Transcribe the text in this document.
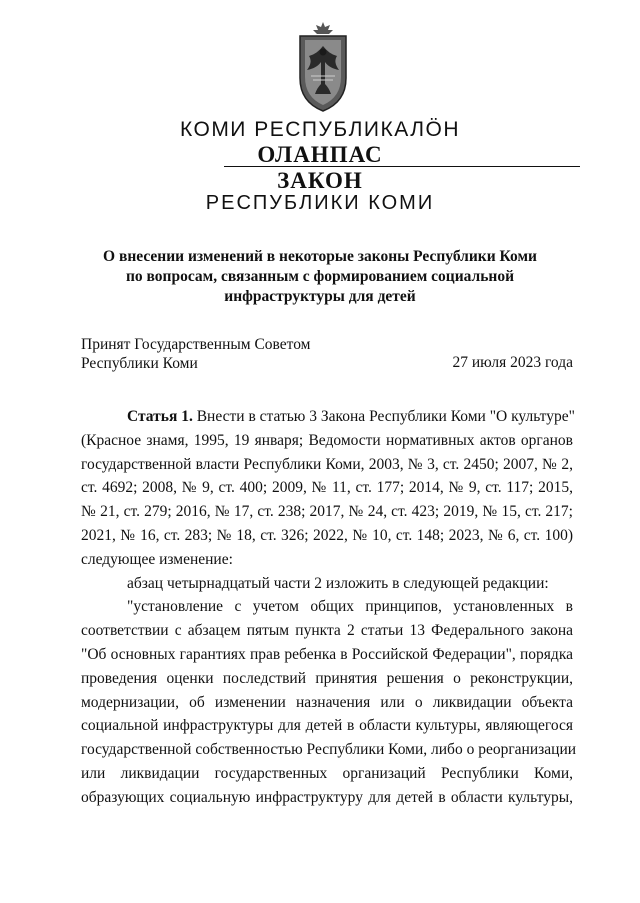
КОМИ РЕСПУБЛИКАЛӦН
ОЛАНПАС
ЗАКОН
РЕСПУБЛИКИ КОМИ
О внесении изменений в некоторые законы Республики Коми
по вопросам, связанным с формированием социальной
инфраструктуры для детей
Принят Государственным Советом
Республики Коми	27 июля 2023 года
Статья 1. Внести в статью 3 Закона Республики Коми "О культуре"
(Красное знамя, 1995, 19 января; Ведомости нормативных актов органов
государственной власти Республики Коми, 2003, № 3, ст. 2450; 2007, № 2,
ст. 4692; 2008, № 9, ст. 400; 2009, № 11, ст. 177; 2014, № 9, ст. 117; 2015,
№ 21, ст. 279; 2016, № 17, ст. 238; 2017, № 24, ст. 423; 2019, № 15, ст. 217;
2021, № 16, ст. 283; № 18, ст. 326; 2022, № 10, ст. 148; 2023, № 6, ст. 100)
следующее изменение:
абзац четырнадцатый части 2 изложить в следующей редакции:
"установление с учетом общих принципов, установленных в
соответствии с абзацем пятым пункта 2 статьи 13 Федерального закона
"Об основных гарантиях прав ребенка в Российской Федерации", порядка
проведения оценки последствий принятия решения о реконструкции,
модернизации, об изменении назначения или о ликвидации объекта
социальной инфраструктуры для детей в области культуры, являющегося
государственной собственностью Республики Коми, либо о реорганизации
или ликвидации государственных организаций Республики Коми,
образующих социальную инфраструктуру для детей в области культуры,
